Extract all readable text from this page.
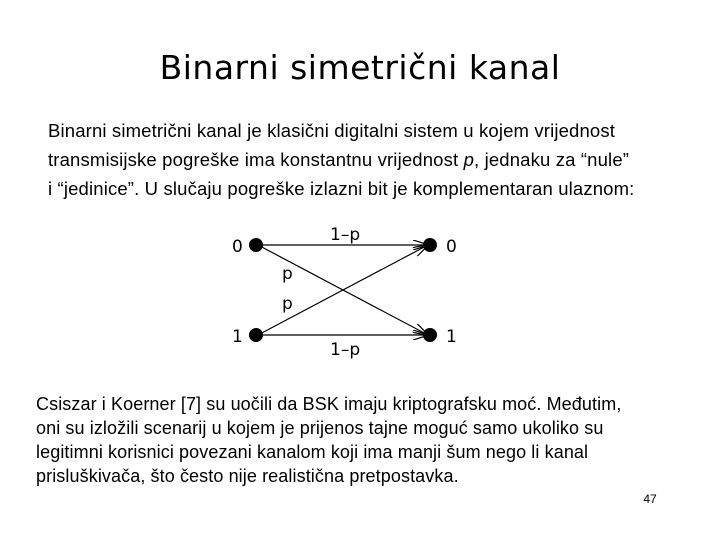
Binarni simetrični kanal
Binarni simetrični kanal je klasični digitalni sistem u kojem vrijednost
transmisijske pogreške ima konstantnu vrijednost p, jednaku za “nule”
i “jedinice”. U slučaju pogreške izlazni bit je komplementaran ulaznom:
0
1
0
1
1–p
p
p
1–p
Csiszar i Koerner [7] su uočili da BSK imaju kriptografsku moć. Međutim,
oni su izložili scenarij u kojem je prijenos tajne moguć samo ukoliko su
legitimni korisnici povezani kanalom koji ima manji šum nego li kanal
prisluškivača, što često nije realistična pretpostavka.
47
